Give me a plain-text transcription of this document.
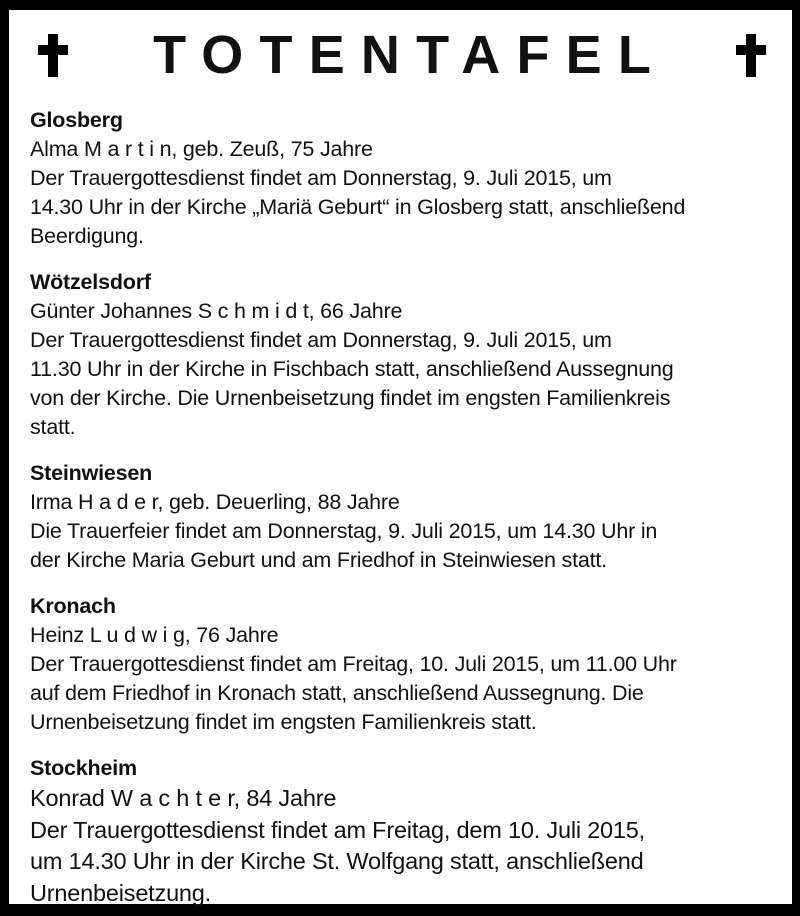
TOTENTAFEL
Glosberg
Alma M a r t i n, geb. Zeuß, 75 Jahre
Der Trauergottesdienst findet am Donnerstag, 9. Juli 2015, um
14.30 Uhr in der Kirche „Mariä Geburt“ in Glosberg statt, anschließend
Beerdigung.
Wötzelsdorf
Günter Johannes S c h m i d t, 66 Jahre
Der Trauergottesdienst findet am Donnerstag, 9. Juli 2015, um
11.30 Uhr in der Kirche in Fischbach statt, anschließend Aussegnung
von der Kirche. Die Urnenbeisetzung findet im engsten Familienkreis
statt.
Steinwiesen
Irma H a d e r, geb. Deuerling, 88 Jahre
Die Trauerfeier findet am Donnerstag, 9. Juli 2015, um 14.30 Uhr in
der Kirche Maria Geburt und am Friedhof in Steinwiesen statt.
Kronach
Heinz L u d w i g, 76 Jahre
Der Trauergottesdienst findet am Freitag, 10. Juli 2015, um 11.00 Uhr
auf dem Friedhof in Kronach statt, anschließend Aussegnung. Die
Urnenbeisetzung findet im engsten Familienkreis statt.
Stockheim
Konrad W a c h t e r, 84 Jahre
Der Trauergottesdienst findet am Freitag, dem 10. Juli 2015,
um 14.30 Uhr in der Kirche St. Wolfgang statt, anschließend
Urnenbeisetzung.
